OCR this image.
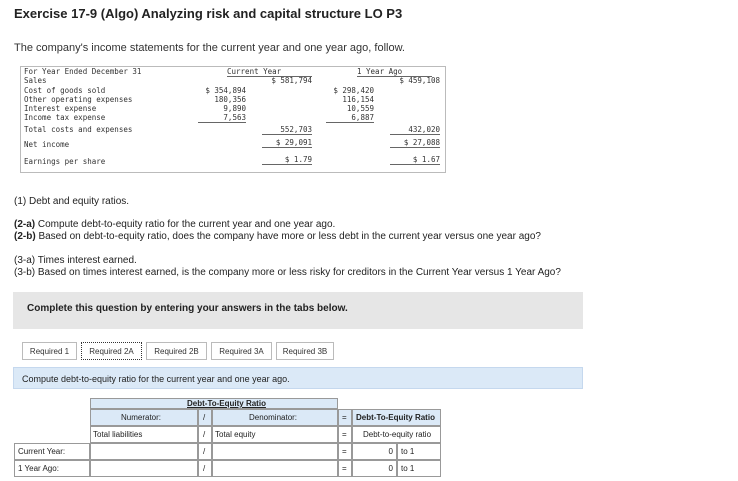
Exercise 17-9 (Algo) Analyzing risk and capital structure LO P3
The company's income statements for the current year and one year ago, follow.
For Year Ended December 31	Current Year	1 Year Ago
Sales	$ 581,794	$ 459,108
Cost of goods sold	$ 354,894	$ 298,420
Other operating expenses	180,356	116,154
Interest expense	9,890	10,559
Income tax expense	7,563	6,887
Total costs and expenses	552,703	432,020
Net income	$ 29,091	$ 27,088
Earnings per share	$ 1.79	$ 1.67
(1) Debt and equity ratios.
(2-a) Compute debt-to-equity ratio for the current year and one year ago.
(2-b) Based on debt-to-equity ratio, does the company have more or less debt in the current year versus one year ago?
(3-a) Times interest earned.
(3-b) Based on times interest earned, is the company more or less risky for creditors in the Current Year versus 1 Year Ago?
Complete this question by entering your answers in the tabs below.
Required 1	Required 2A	Required 2B	Required 3A	Required 3B
Compute debt-to-equity ratio for the current year and one year ago.
Debt-To-Equity Ratio
Numerator:	/	Denominator:	= Debt-To-Equity Ratio
Total liabilities	/ Total equity	= Debt-to-equity ratio
Current Year:	/	=	0 to 1
1 Year Ago:	/	=	0 to 1
